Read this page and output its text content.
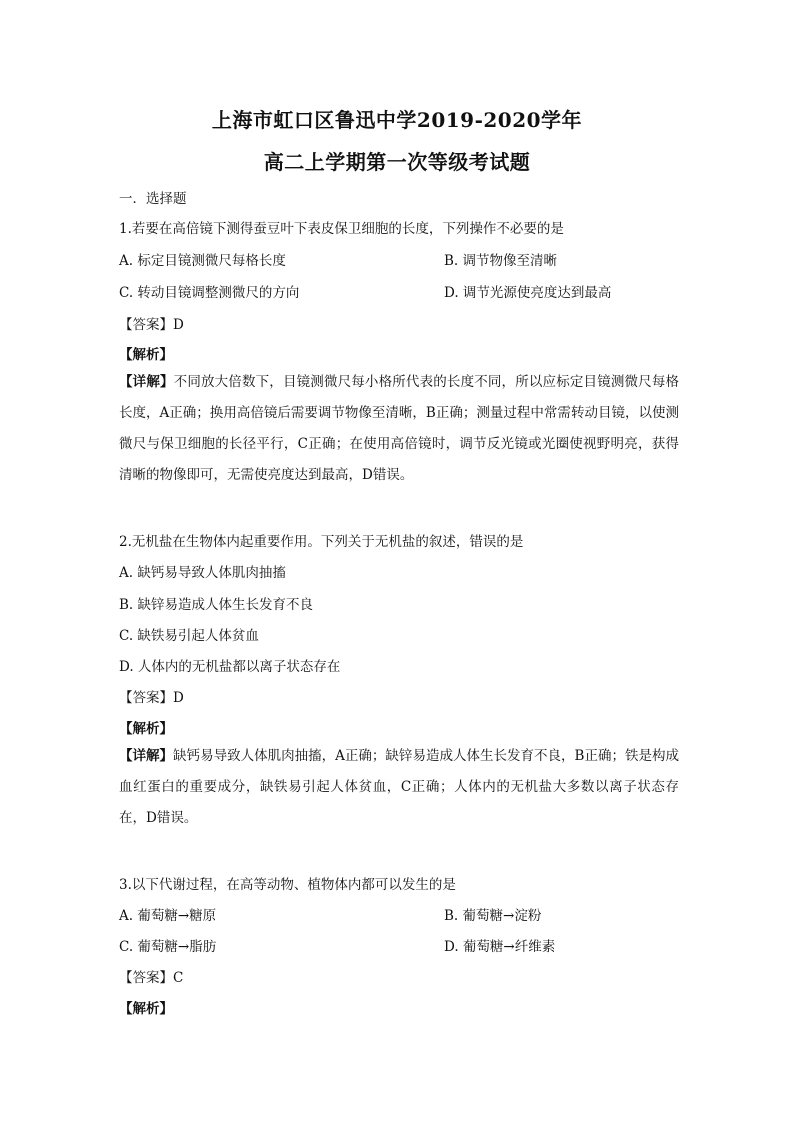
上海市虹口区鲁迅中学2019-2020学年
高二上学期第一次等级考试题
一．选择题
1.若要在高倍镜下测得蚕豆叶下表皮保卫细胞的长度，下列操作不必要的是
A. 标定目镜测微尺每格长度	B. 调节物像至清晰
C. 转动目镜调整测微尺的方向	D. 调节光源使亮度达到最高
【答案】D
【解析】
【详解】不同放大倍数下，目镜测微尺每小格所代表的长度不同，所以应标定目镜测微尺每格长度，A正确；换用高倍镜后需要调节物像至清晰，B正确；测量过程中常需转动目镜，以使测微尺与保卫细胞的长径平行，C正确；在使用高倍镜时，调节反光镜或光圈使视野明亮，获得清晰的物像即可，无需使亮度达到最高，D错误。
2.无机盐在生物体内起重要作用。下列关于无机盐的叙述，错误的是
A. 缺钙易导致人体肌肉抽搐
B. 缺锌易造成人体生长发育不良
C. 缺铁易引起人体贫血
D. 人体内的无机盐都以离子状态存在
【答案】D
【解析】
【详解】缺钙易导致人体肌肉抽搐，A正确；缺锌易造成人体生长发育不良，B正确；铁是构成血红蛋白的重要成分，缺铁易引起人体贫血，C正确；人体内的无机盐大多数以离子状态存在，D错误。
3.以下代谢过程，在高等动物、植物体内都可以发生的是
A. 葡萄糖→糖原	B. 葡萄糖→淀粉
C. 葡萄糖→脂肪	D. 葡萄糖→纤维素
【答案】C
【解析】
